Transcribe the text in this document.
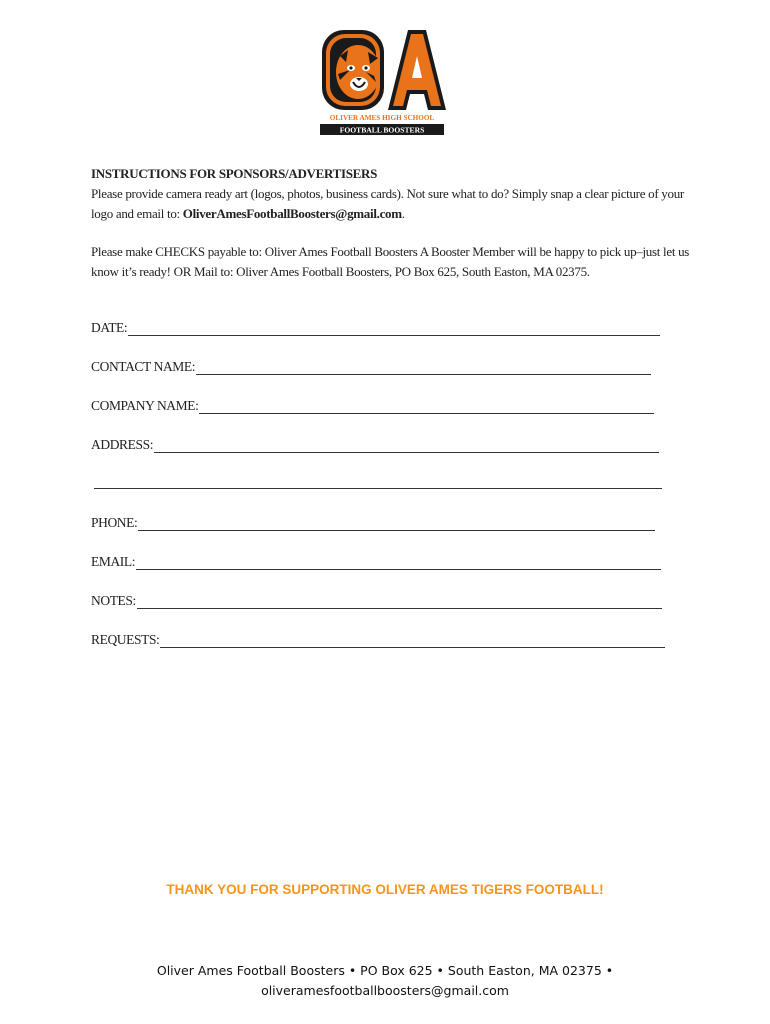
OLIVER AMES HIGH SCHOOL
FOOTBALL BOOSTERS

INSTRUCTIONS FOR SPONSORS/ADVERTISERS

Please provide camera ready art (logos, photos, business cards). Not sure what to do? Simply snap a clear picture of your logo and email to: OliverAmesFootballBoosters@gmail.com.

Please make CHECKS payable to: Oliver Ames Football Boosters A Booster Member will be happy to pick up–just let us know it’s ready! OR Mail to: Oliver Ames Football Boosters, PO Box 625, South Easton, MA 02375.

DATE:
CONTACT NAME:
COMPANY NAME:
ADDRESS:
PHONE:
EMAIL:
NOTES:
REQUESTS:
THANK YOU FOR SUPPORTING OLIVER AMES TIGERS FOOTBALL!
Oliver Ames Football Boosters • PO Box 625 • South Easton, MA 02375 •
oliveramesfootballboosters@gmail.com
